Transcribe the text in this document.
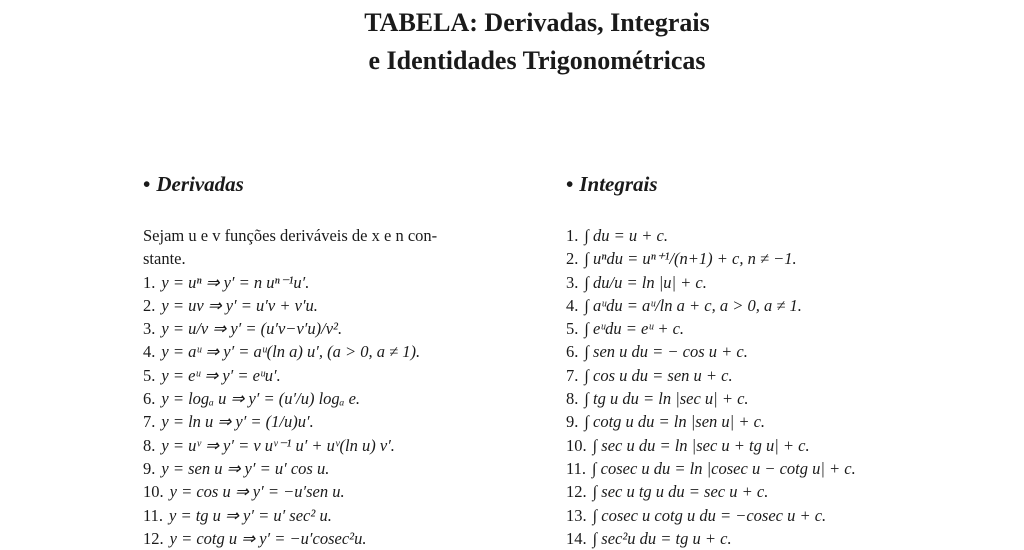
TABELA: Derivadas, Integrais
e Identidades Trigonométricas
• Derivadas	• Integrais
Sejam u e v funções deriváveis de x e n con-
stante.
1. y = uⁿ ⇒ y′ = n uⁿ⁻¹u′.
2. y = uv ⇒ y′ = u′v + v′u.
3. y = u/v ⇒ y′ = (u′v−v′u)/v².
4. y = aᵘ ⇒ y′ = aᵘ(ln a) u′, (a > 0, a ≠ 1).
5. y = eᵘ ⇒ y′ = eᵘu′.
6. y = logₐ u ⇒ y′ = (u′/u) logₐ e.
7. y = ln u ⇒ y′ = (1/u)u′.
8. y = uᵛ ⇒ y′ = v uᵛ⁻¹ u′ + uᵛ(ln u) v′.
9. y = sen u ⇒ y′ = u′ cos u.
10. y = cos u ⇒ y′ = −u′sen u.
11. y = tg u ⇒ y′ = u′ sec² u.
12. y = cotg u ⇒ y′ = −u′cosec²u.
1. ∫ du = u + c.
2. ∫ uⁿdu = uⁿ⁺¹/(n+1) + c, n ≠ −1.
3. ∫ du/u = ln |u| + c.
4. ∫ aᵘdu = aᵘ/ln a + c, a > 0, a ≠ 1.
5. ∫ eᵘdu = eᵘ + c.
6. ∫ sen u du = − cos u + c.
7. ∫ cos u du = sen u + c.
8. ∫ tg u du = ln |sec u| + c.
9. ∫ cotg u du = ln |sen u| + c.
10. ∫ sec u du = ln |sec u + tg u| + c.
11. ∫ cosec u du = ln |cosec u − cotg u| + c.
12. ∫ sec u tg u du = sec u + c.
13. ∫ cosec u cotg u du = −cosec u + c.
14. ∫ sec²u du = tg u + c.
